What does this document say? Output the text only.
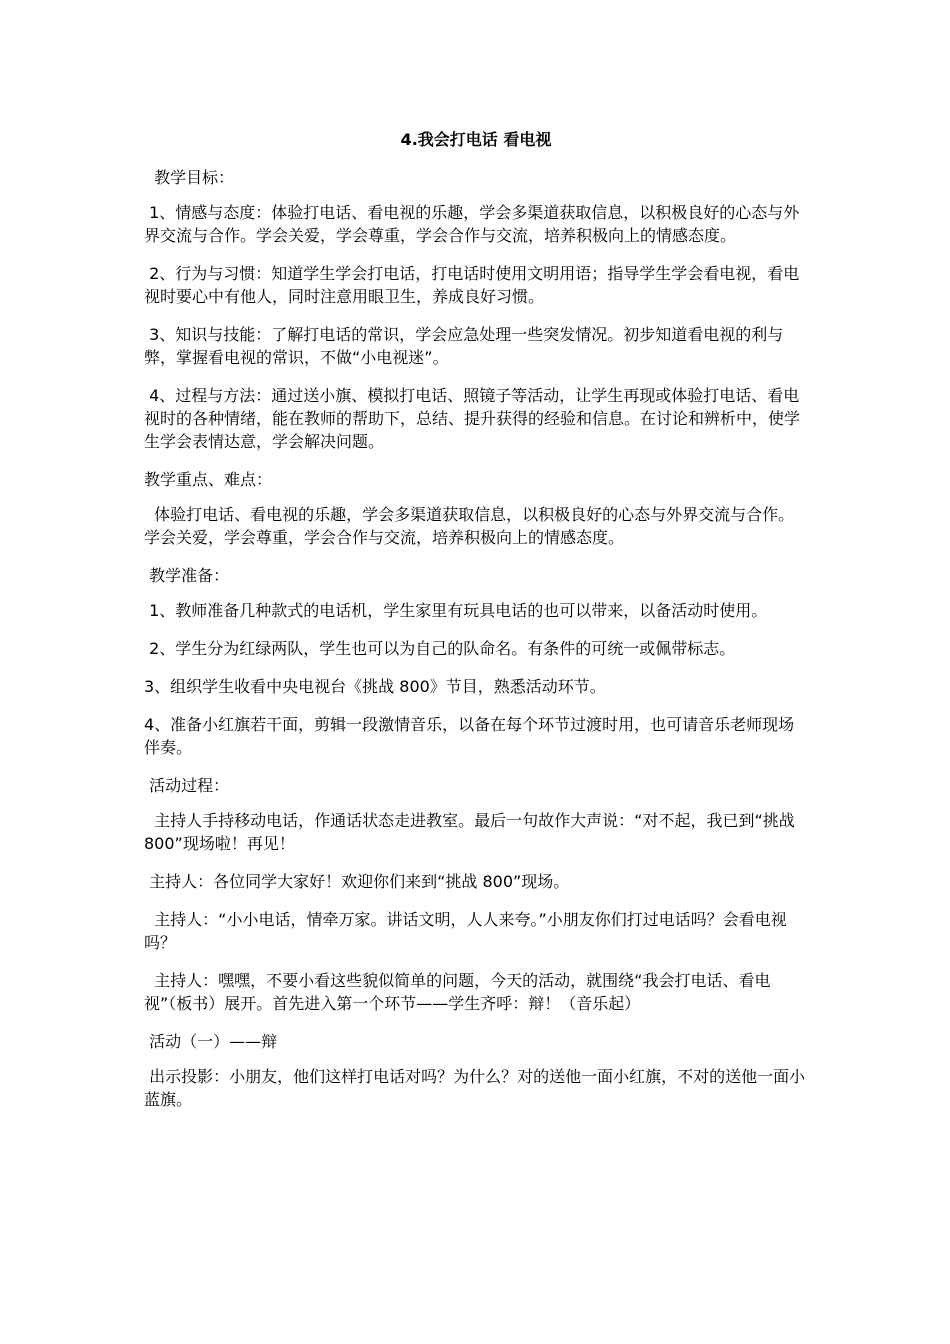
4.我会打电话 看电视

教学目标：

1、情感与态度：体验打电话、看电视的乐趣，学会多渠道获取信息，以积极良好的心态与外界交流与合作。学会关爱，学会尊重，学会合作与交流，培养积极向上的情感态度。

2、行为与习惯：知道学生学会打电话，打电话时使用文明用语；指导学生学会看电视，看电视时要心中有他人，同时注意用眼卫生，养成良好习惯。

3、知识与技能：了解打电话的常识，学会应急处理一些突发情况。初步知道看电视的利与弊，掌握看电视的常识，不做“小电视迷”。

4、过程与方法：通过送小旗、模拟打电话、照镜子等活动，让学生再现或体验打电话、看电视时的各种情绪，能在教师的帮助下，总结、提升获得的经验和信息。在讨论和辨析中，使学生学会表情达意，学会解决问题。

教学重点、难点：

体验打电话、看电视的乐趣，学会多渠道获取信息，以积极良好的心态与外界交流与合作。学会关爱，学会尊重，学会合作与交流，培养积极向上的情感态度。

教学准备：

1、教师准备几种款式的电话机，学生家里有玩具电话的也可以带来，以备活动时使用。

2、学生分为红绿两队，学生也可以为自己的队命名。有条件的可统一或佩带标志。

3、组织学生收看中央电视台《挑战 800》节目，熟悉活动环节。

4、准备小红旗若干面，剪辑一段激情音乐，以备在每个环节过渡时用，也可请音乐老师现场伴奏。

活动过程：

主持人手持移动电话，作通话状态走进教室。最后一句故作大声说：“对不起，我已到“挑战 800”现场啦！再见！

主持人：各位同学大家好！欢迎你们来到“挑战 800”现场。

主持人：“小小电话，情牵万家。讲话文明，人人来夸。”小朋友你们打过电话吗？会看电视吗？

主持人：嘿嘿，不要小看这些貌似简单的问题，今天的活动，就围绕“我会打电话、看电视”（板书）展开。首先进入第一个环节——学生齐呼：辩！（音乐起）

活动（一）——辩

出示投影：小朋友，他们这样打电话对吗？为什么？对的送他一面小红旗，不对的送他一面小蓝旗。
